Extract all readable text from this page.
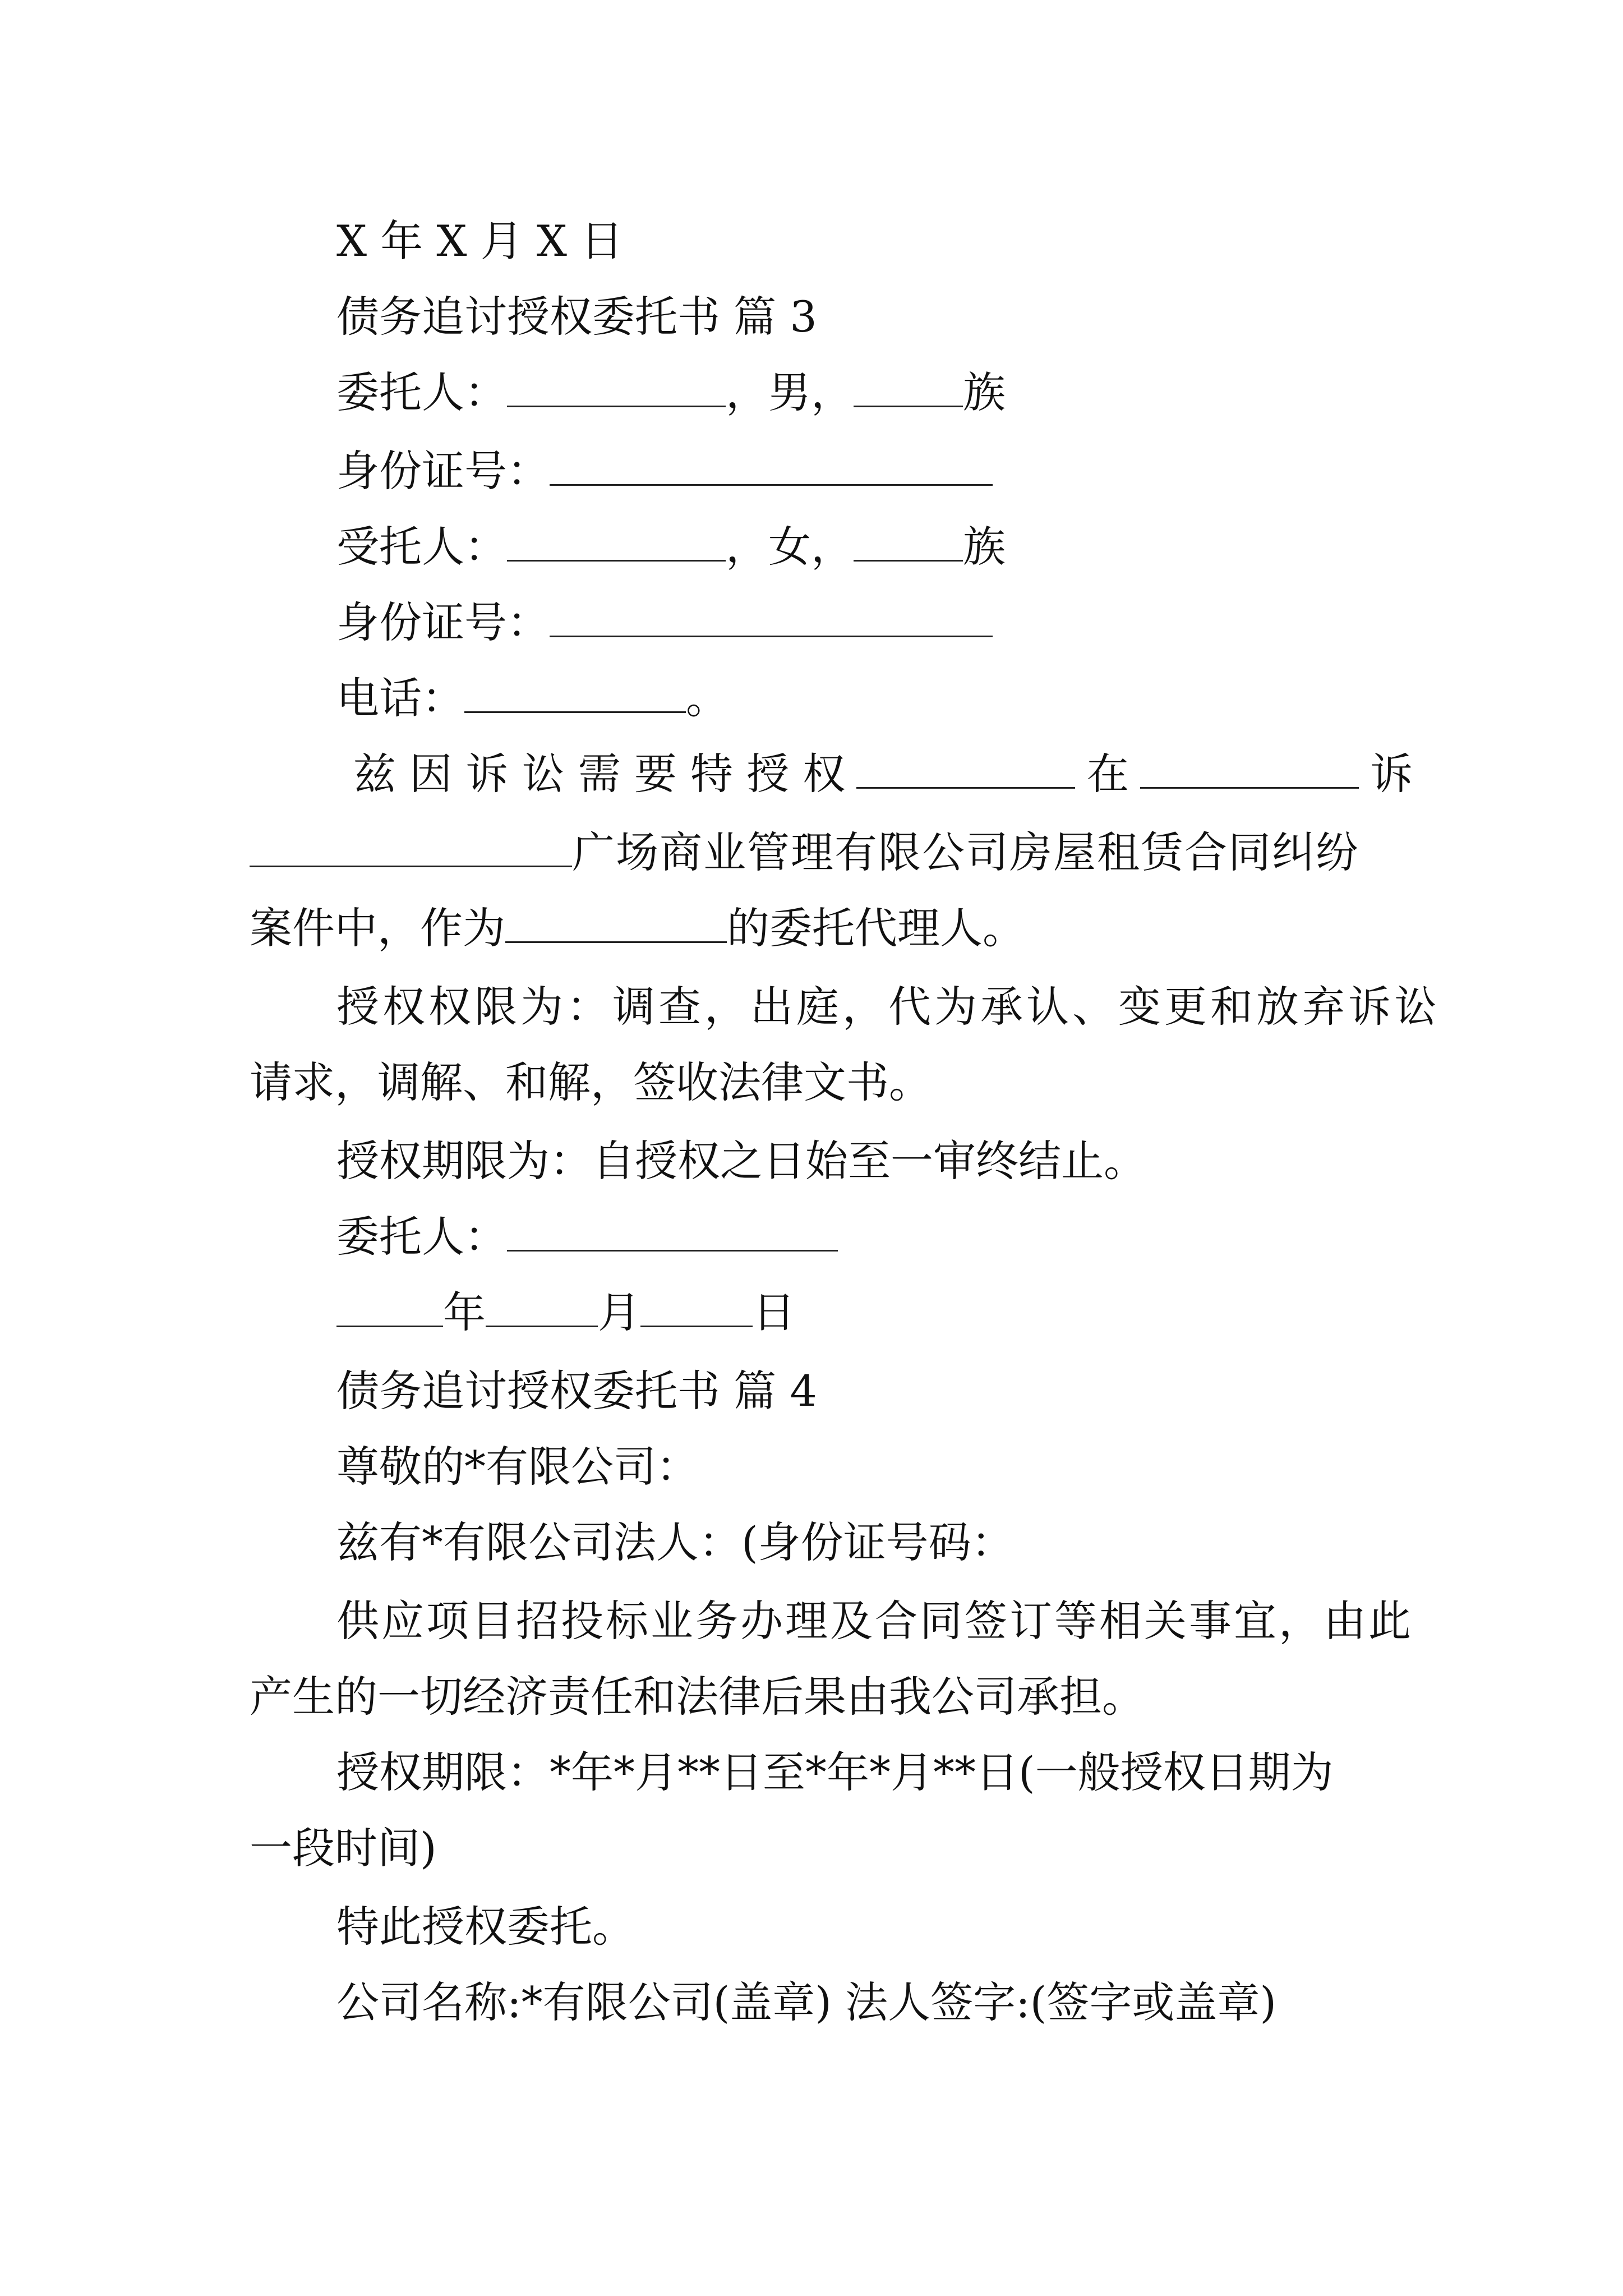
X 年 X 月 X 日
债务追讨授权委托书 篇 3
委托人：	，男，	族
身份证号：
受托人：	，女，	族
身份证号：
电话：	。
兹 因 诉 讼 需 要 特 授 权	在	诉
广场商业管理有限公司房屋租赁合同纠纷
案件中，作为	的委托代理人。
授权权限为：调查，出庭，代为承认、变更和放弃诉讼
请求，调解、和解，签收法律文书。
授权期限为：自授权之日始至一审终结止。
委托人：
年	月	日
债务追讨授权委托书 篇 4
尊敬的*有限公司：
兹有*有限公司法人：(身份证号码：
供应项目招投标业务办理及合同签订等相关事宜，由此
产生的一切经济责任和法律后果由我公司承担。
授权期限：*年*月**日至*年*月**日(一般授权日期为
一段时间)
特此授权委托。
公司名称:*有限公司(盖章) 法人签字:(签字或盖章)
